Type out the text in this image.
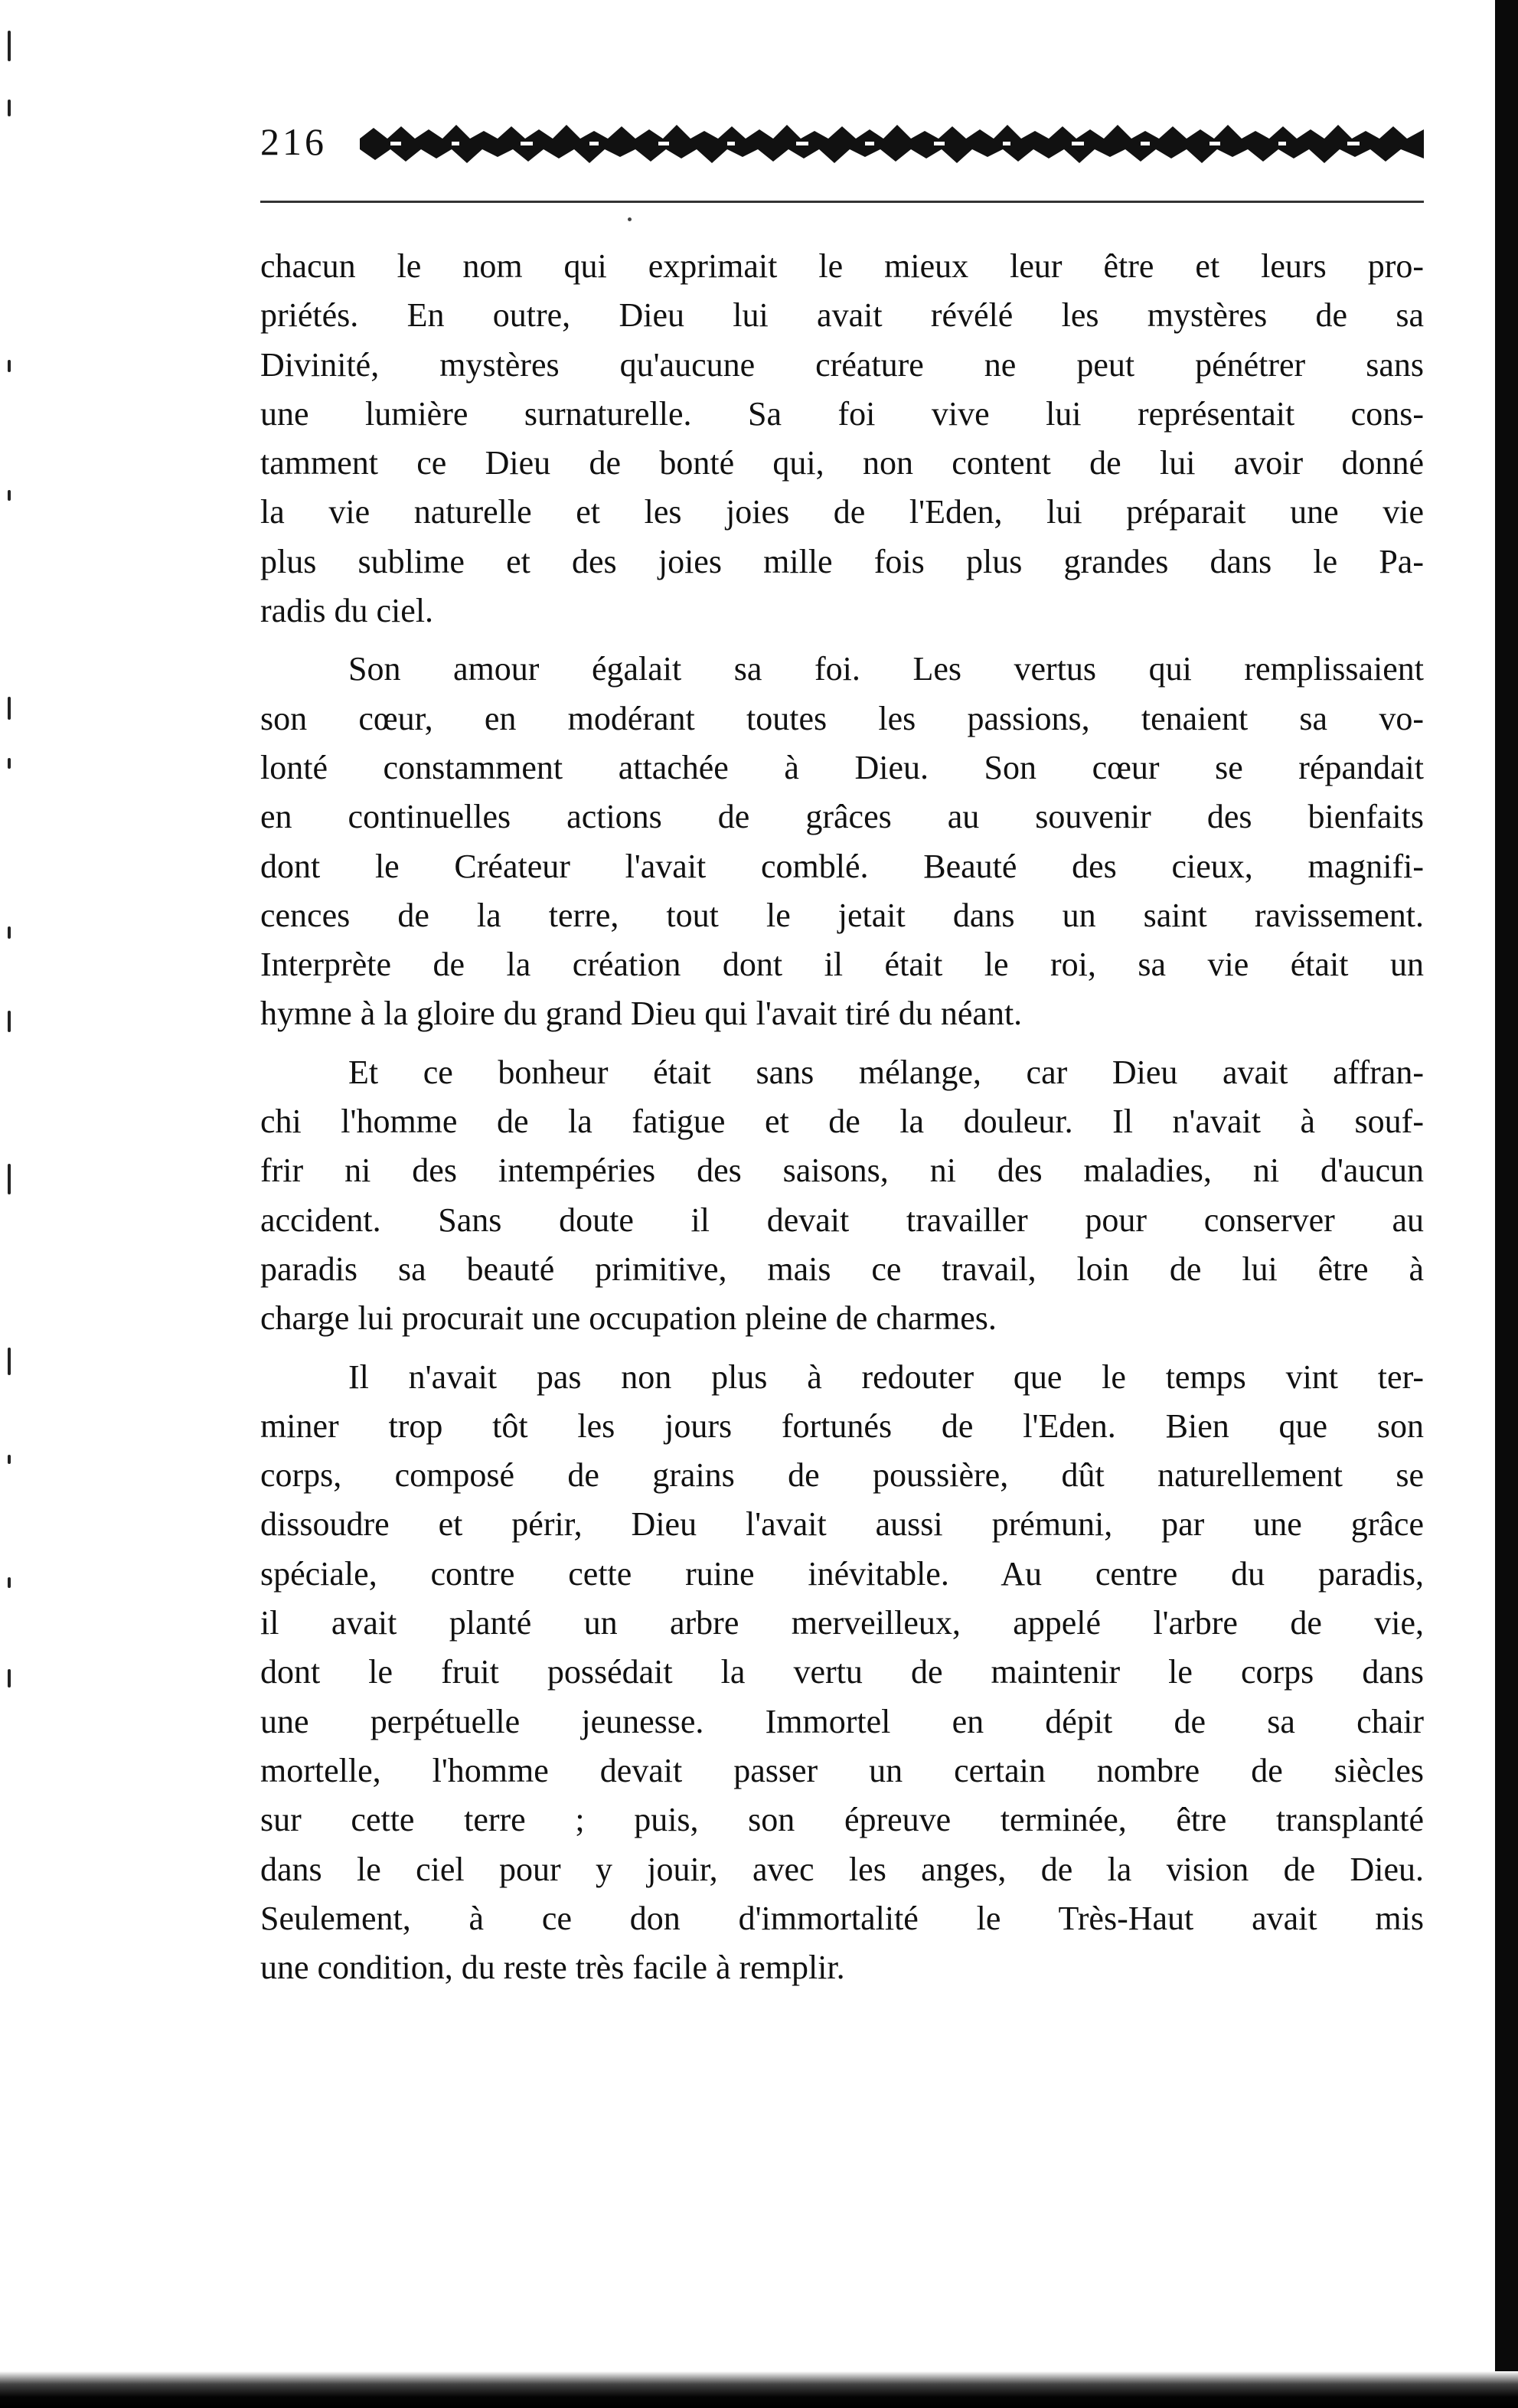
216
chacun le nom qui exprimait le mieux leur être et leurs pro-
priétés. En outre, Dieu lui avait révélé les mystères de sa
Divinité, mystères qu'aucune créature ne peut pénétrer sans
une lumière surnaturelle. Sa foi vive lui représentait cons-
tamment ce Dieu de bonté qui, non content de lui avoir donné
la vie naturelle et les joies de l'Eden, lui préparait une vie
plus sublime et des joies mille fois plus grandes dans le Pa-
radis du ciel.
Son amour égalait sa foi. Les vertus qui remplissaient
son cœur, en modérant toutes les passions, tenaient sa vo-
lonté constamment attachée à Dieu. Son cœur se répandait
en continuelles actions de grâces au souvenir des bienfaits
dont le Créateur l'avait comblé. Beauté des cieux, magnifi-
cences de la terre, tout le jetait dans un saint ravissement.
Interprète de la création dont il était le roi, sa vie était un
hymne à la gloire du grand Dieu qui l'avait tiré du néant.
Et ce bonheur était sans mélange, car Dieu avait affran-
chi l'homme de la fatigue et de la douleur. Il n'avait à souf-
frir ni des intempéries des saisons, ni des maladies, ni d'aucun
accident. Sans doute il devait travailler pour conserver au
paradis sa beauté primitive, mais ce travail, loin de lui être à
charge lui procurait une occupation pleine de charmes.
Il n'avait pas non plus à redouter que le temps vint ter-
miner trop tôt les jours fortunés de l'Eden. Bien que son
corps, composé de grains de poussière, dût naturellement se
dissoudre et périr, Dieu l'avait aussi prémuni, par une grâce
spéciale, contre cette ruine inévitable. Au centre du paradis,
il avait planté un arbre merveilleux, appelé l'arbre de vie,
dont le fruit possédait la vertu de maintenir le corps dans
une perpétuelle jeunesse. Immortel en dépit de sa chair
mortelle, l'homme devait passer un certain nombre de siècles
sur cette terre ; puis, son épreuve terminée, être transplanté
dans le ciel pour y jouir, avec les anges, de la vision de Dieu.
Seulement, à ce don d'immortalité le Très-Haut avait mis
une condition, du reste très facile à remplir.
